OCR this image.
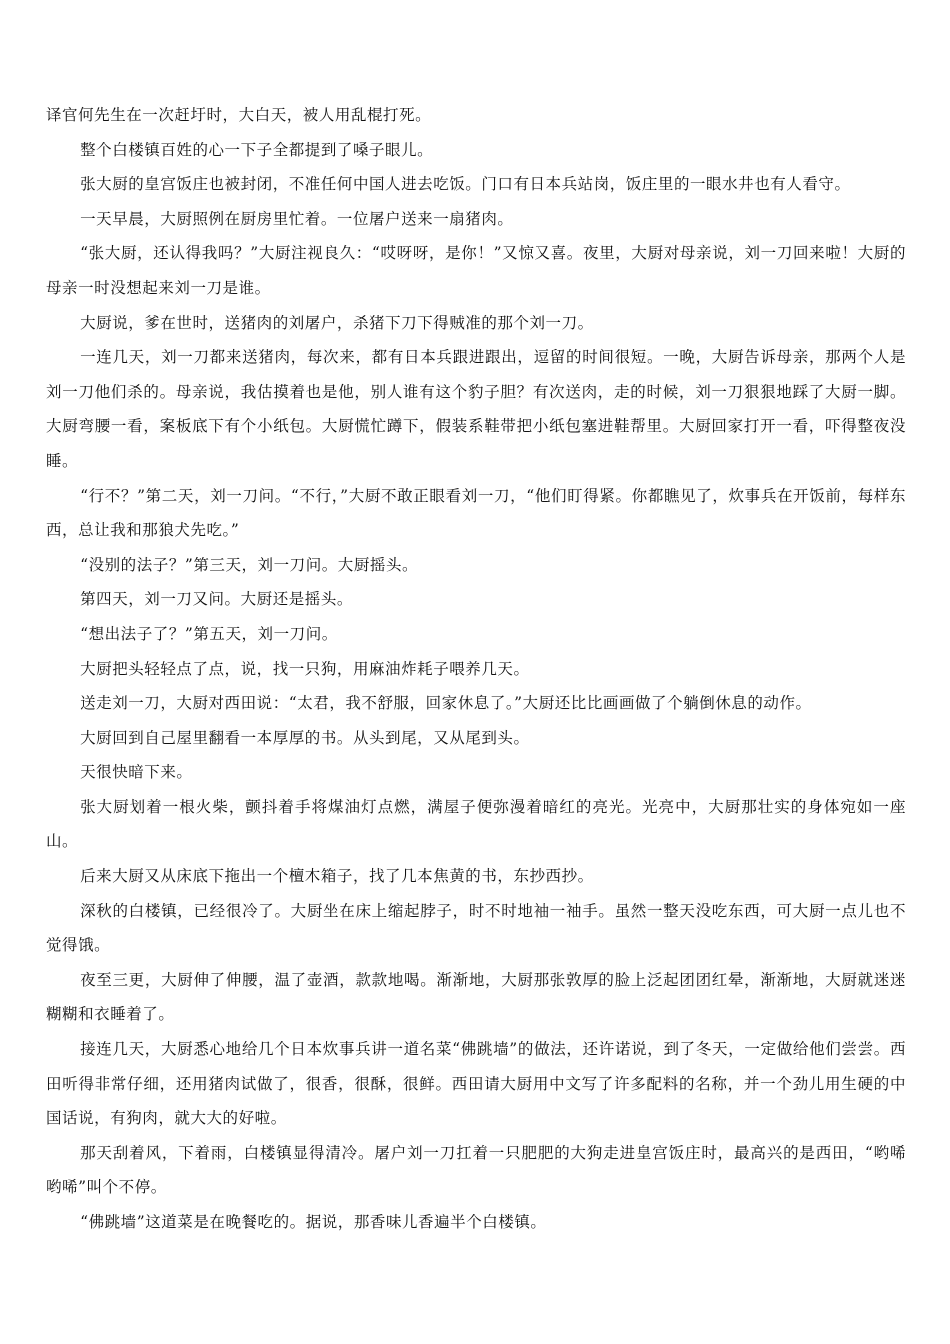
译官何先生在一次赶圩时，大白天，被人用乱棍打死。

整个白楼镇百姓的心一下子全都提到了嗓子眼儿。

张大厨的皇宫饭庄也被封闭，不准任何中国人进去吃饭。门口有日本兵站岗，饭庄里的一眼水井也有人看守。

一天早晨，大厨照例在厨房里忙着。一位屠户送来一扇猪肉。

“张大厨，还认得我吗？”大厨注视良久：“哎呀呀，是你！”又惊又喜。夜里，大厨对母亲说，刘一刀回来啦！大厨的母亲一时没想起来刘一刀是谁。

大厨说，爹在世时，送猪肉的刘屠户，杀猪下刀下得贼准的那个刘一刀。

一连几天，刘一刀都来送猪肉，每次来，都有日本兵跟进跟出，逗留的时间很短。一晚，大厨告诉母亲，那两个人是刘一刀他们杀的。母亲说，我估摸着也是他，别人谁有这个豹子胆？有次送肉，走的时候，刘一刀狠狠地踩了大厨一脚。大厨弯腰一看，案板底下有个小纸包。大厨慌忙蹲下，假装系鞋带把小纸包塞进鞋帮里。大厨回家打开一看，吓得整夜没睡。

“行不？”第二天，刘一刀问。“不行，”大厨不敢正眼看刘一刀，“他们盯得紧。你都瞧见了，炊事兵在开饭前，每样东西，总让我和那狼犬先吃。”

“没别的法子？”第三天，刘一刀问。大厨摇头。

第四天，刘一刀又问。大厨还是摇头。

“想出法子了？”第五天，刘一刀问。

大厨把头轻轻点了点，说，找一只狗，用麻油炸耗子喂养几天。

送走刘一刀，大厨对西田说：“太君，我不舒服，回家休息了。”大厨还比比画画做了个躺倒休息的动作。

大厨回到自己屋里翻看一本厚厚的书。从头到尾，又从尾到头。

天很快暗下来。

张大厨划着一根火柴，颤抖着手将煤油灯点燃，满屋子便弥漫着暗红的亮光。光亮中，大厨那壮实的身体宛如一座山。

后来大厨又从床底下拖出一个檀木箱子，找了几本焦黄的书，东抄西抄。

深秋的白楼镇，已经很冷了。大厨坐在床上缩起脖子，时不时地袖一袖手。虽然一整天没吃东西，可大厨一点儿也不觉得饿。

夜至三更，大厨伸了伸腰，温了壶酒，款款地喝。渐渐地，大厨那张敦厚的脸上泛起团团红晕，渐渐地，大厨就迷迷糊糊和衣睡着了。

接连几天，大厨悉心地给几个日本炊事兵讲一道名菜“佛跳墙”的做法，还许诺说，到了冬天，一定做给他们尝尝。西田听得非常仔细，还用猪肉试做了，很香，很酥，很鲜。西田请大厨用中文写了许多配料的名称，并一个劲儿用生硬的中国话说，有狗肉，就大大的好啦。

那天刮着风，下着雨，白楼镇显得清冷。屠户刘一刀扛着一只肥肥的大狗走进皇宫饭庄时，最高兴的是西田，“哟唏哟唏”叫个不停。

“佛跳墙”这道菜是在晚餐吃的。据说，那香味儿香遍半个白楼镇。
